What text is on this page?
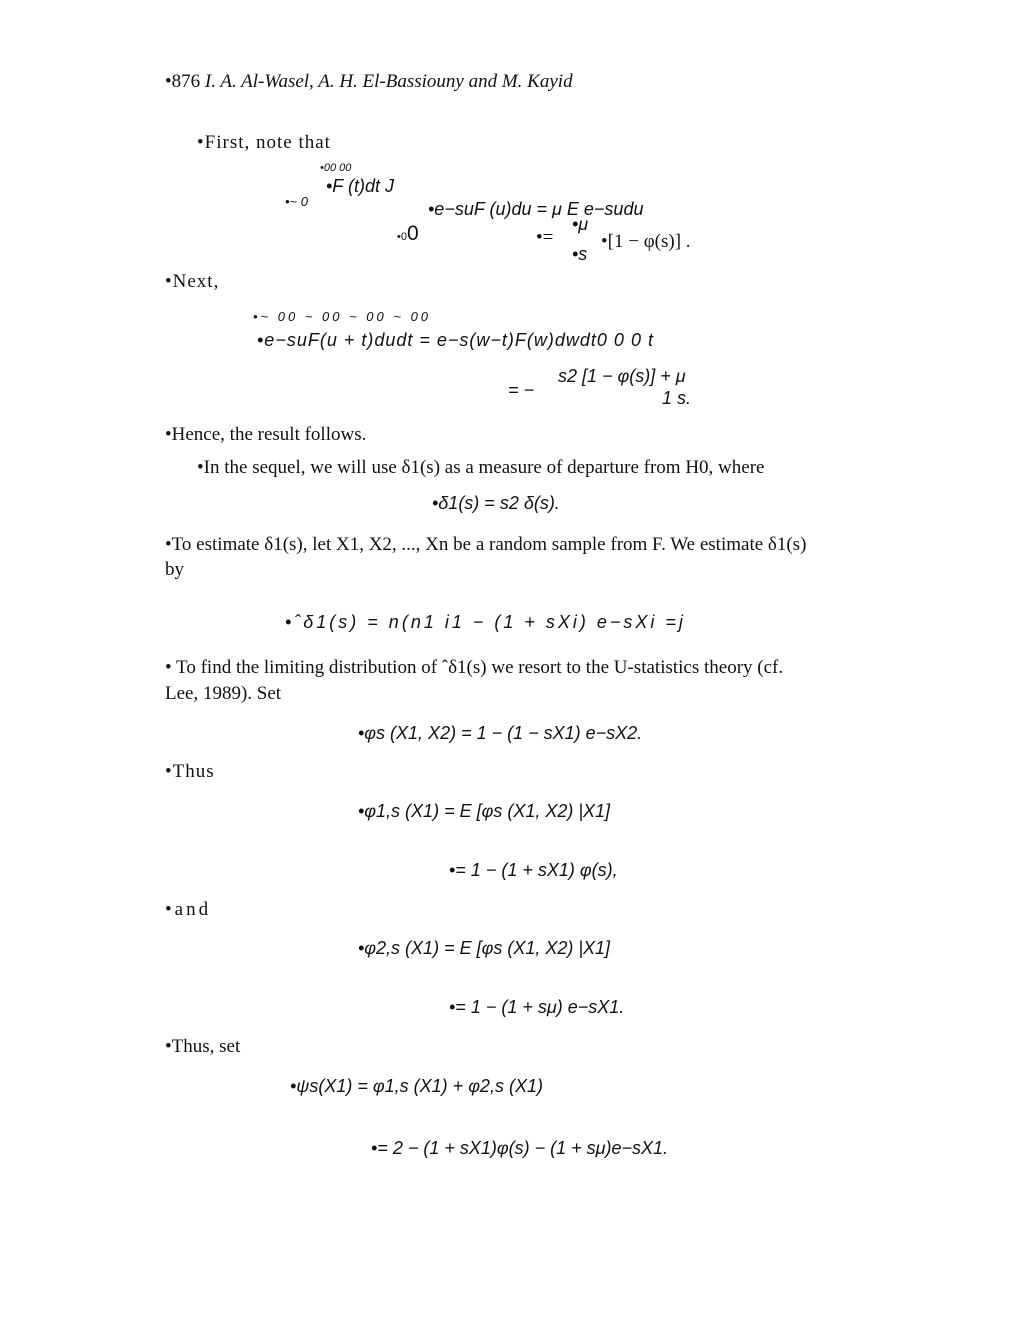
•876 I. A. Al-Wasel, A. H. El-Bassiouny and M. Kayid
•First, note that
•00 00
•F (t)dt J
•~ 0	•e−suF (u)du = μ E e−sudu
•00	•μ
•=	•[1 − φ(s)] .
•s
•Next,
•~ 00 ~ 00 ~ 00 ~ 00
•e−suF(u + t)dudt = e−s(w−t)F(w)dwdt0 0 0 t
s2 [1 − φ(s)] + μ
= −	1 s.
•Hence, the result follows.
•In the sequel, we will use δ1(s) as a measure of departure from H0, where
•δ1(s) = s2 δ(s).
•To estimate δ1(s), let X1, X2, ..., Xn be a random sample from F. We estimate δ1(s)
by
•ˆδ1(s) = n(n1 i1 − (1 + sXi) e−sXi =j
• To find the limiting distribution of ˆδ1(s) we resort to the U-statistics theory (cf.
Lee, 1989). Set
•φs (X1, X2) = 1 − (1 − sX1) e−sX2.
•Thus
•φ1,s (X1) = E [φs (X1, X2) |X1]
•= 1 − (1 + sX1) φ(s),
•and
•φ2,s (X1) = E [φs (X1, X2) |X1]
•= 1 − (1 + sμ) e−sX1.
•Thus, set
•ψs(X1) = φ1,s (X1) + φ2,s (X1)
•= 2 − (1 + sX1)φ(s) − (1 + sμ)e−sX1.
